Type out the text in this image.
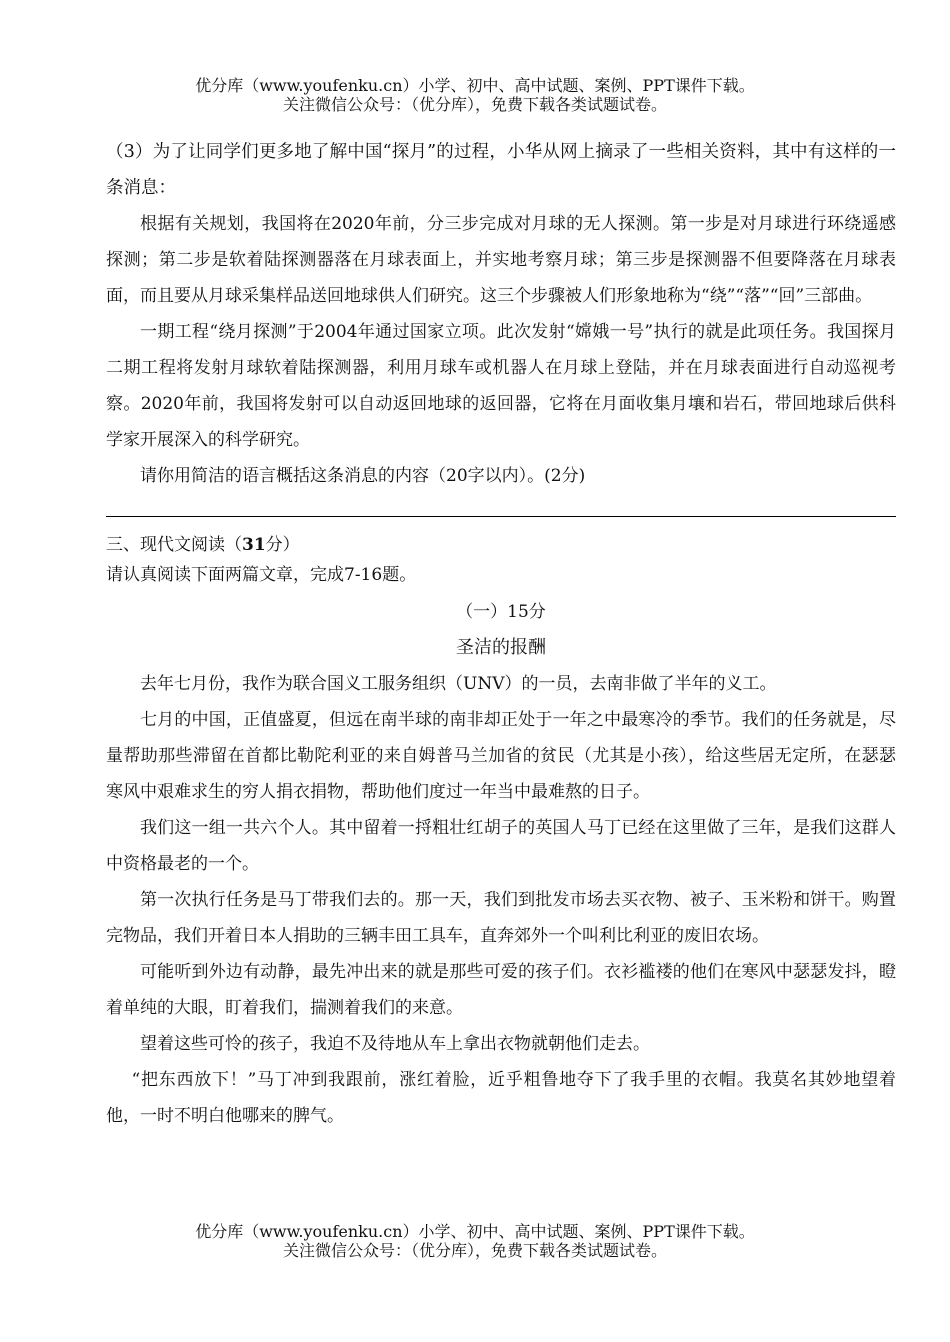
优分库（www.youfenku.cn）小学、初中、高中试题、案例、PPT课件下载。
关注微信公众号：（优分库），免费下载各类试题试卷。

（3）为了让同学们更多地了解中国“探月”的过程，小华从网上摘录了一些相关资料，其中有这样的一条消息：

根据有关规划，我国将在2020年前，分三步完成对月球的无人探测。第一步是对月球进行环绕遥感探测；第二步是软着陆探测器落在月球表面上，并实地考察月球；第三步是探测器不但要降落在月球表面，而且要从月球采集样品送回地球供人们研究。这三个步骤被人们形象地称为“绕”“落”“回”三部曲。

一期工程“绕月探测”于2004年通过国家立项。此次发射“嫦娥一号”执行的就是此项任务。我国探月二期工程将发射月球软着陆探测器，利用月球车或机器人在月球上登陆，并在月球表面进行自动巡视考察。2020年前，我国将发射可以自动返回地球的返回器，它将在月面收集月壤和岩石，带回地球后供科学家开展深入的科学研究。

请你用简洁的语言概括这条消息的内容（20字以内）。(2分)

三、现代文阅读（31分）

请认真阅读下面两篇文章，完成7-16题。

（一）15分

圣洁的报酬

去年七月份，我作为联合国义工服务组织（UNV）的一员，去南非做了半年的义工。

七月的中国，正值盛夏，但远在南半球的南非却正处于一年之中最寒冷的季节。我们的任务就是，尽量帮助那些滞留在首都比勒陀利亚的来自姆普马兰加省的贫民（尤其是小孩），给这些居无定所，在瑟瑟寒风中艰难求生的穷人捐衣捐物，帮助他们度过一年当中最难熬的日子。

我们这一组一共六个人。其中留着一捋粗壮红胡子的英国人马丁已经在这里做了三年，是我们这群人中资格最老的一个。

第一次执行任务是马丁带我们去的。那一天，我们到批发市场去买衣物、被子、玉米粉和饼干。购置完物品，我们开着日本人捐助的三辆丰田工具车，直奔郊外一个叫利比利亚的废旧农场。

可能听到外边有动静，最先冲出来的就是那些可爱的孩子们。衣衫褴褛的他们在寒风中瑟瑟发抖，瞪着单纯的大眼，盯着我们，揣测着我们的来意。

望着这些可怜的孩子，我迫不及待地从车上拿出衣物就朝他们走去。

“把东西放下！”马丁冲到我跟前，涨红着脸，近乎粗鲁地夺下了我手里的衣帽。我莫名其妙地望着他，一时不明白他哪来的脾气。

优分库（www.youfenku.cn）小学、初中、高中试题、案例、PPT课件下载。
关注微信公众号：（优分库），免费下载各类试题试卷。
